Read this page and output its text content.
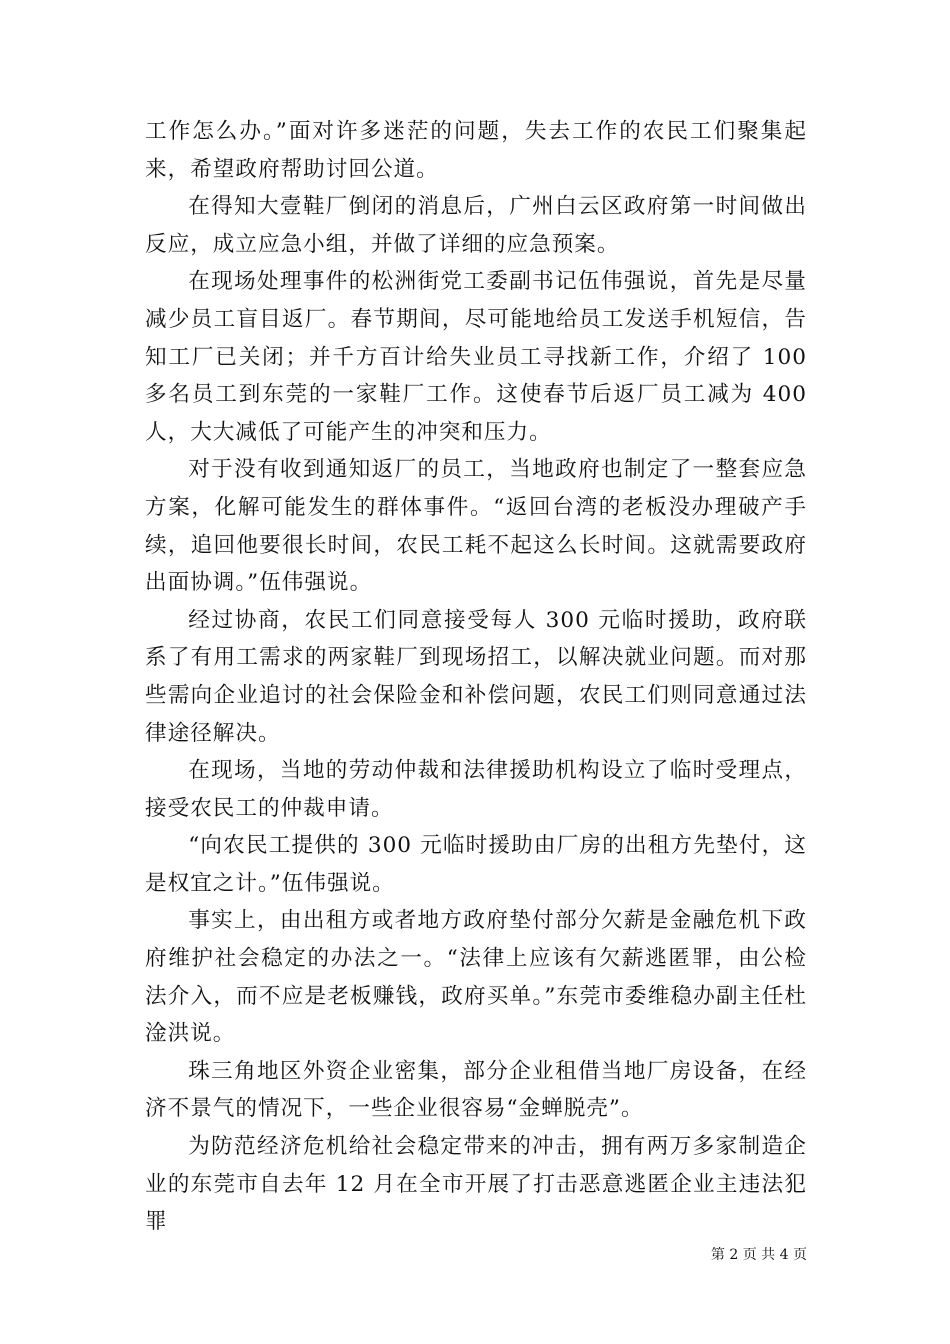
工作怎么办。”面对许多迷茫的问题，失去工作的农民工们聚集起来，希望政府帮助讨回公道。

在得知大壹鞋厂倒闭的消息后，广州白云区政府第一时间做出反应，成立应急小组，并做了详细的应急预案。

在现场处理事件的松洲街党工委副书记伍伟强说，首先是尽量减少员工盲目返厂。春节期间，尽可能地给员工发送手机短信，告知工厂已关闭；并千方百计给失业员工寻找新工作，介绍了 100 多名员工到东莞的一家鞋厂工作。这使春节后返厂员工减为 400 人，大大减低了可能产生的冲突和压力。

对于没有收到通知返厂的员工，当地政府也制定了一整套应急方案，化解可能发生的群体事件。“返回台湾的老板没办理破产手续，追回他要很长时间，农民工耗不起这么长时间。这就需要政府出面协调。”伍伟强说。

经过协商，农民工们同意接受每人 300 元临时援助，政府联系了有用工需求的两家鞋厂到现场招工，以解决就业问题。而对那些需向企业追讨的社会保险金和补偿问题，农民工们则同意通过法律途径解决。

在现场，当地的劳动仲裁和法律援助机构设立了临时受理点，接受农民工的仲裁申请。

“向农民工提供的 300 元临时援助由厂房的出租方先垫付，这是权宜之计。”伍伟强说。

事实上，由出租方或者地方政府垫付部分欠薪是金融危机下政府维护社会稳定的办法之一。“法律上应该有欠薪逃匿罪，由公检法介入，而不应是老板赚钱，政府买单。”东莞市委维稳办副主任杜淦洪说。

珠三角地区外资企业密集，部分企业租借当地厂房设备，在经济不景气的情况下，一些企业很容易“金蝉脱壳”。

为防范经济危机给社会稳定带来的冲击，拥有两万多家制造企业的东莞市自去年 12 月在全市开展了打击恶意逃匿企业主违法犯罪

第 2 页 共 4 页
